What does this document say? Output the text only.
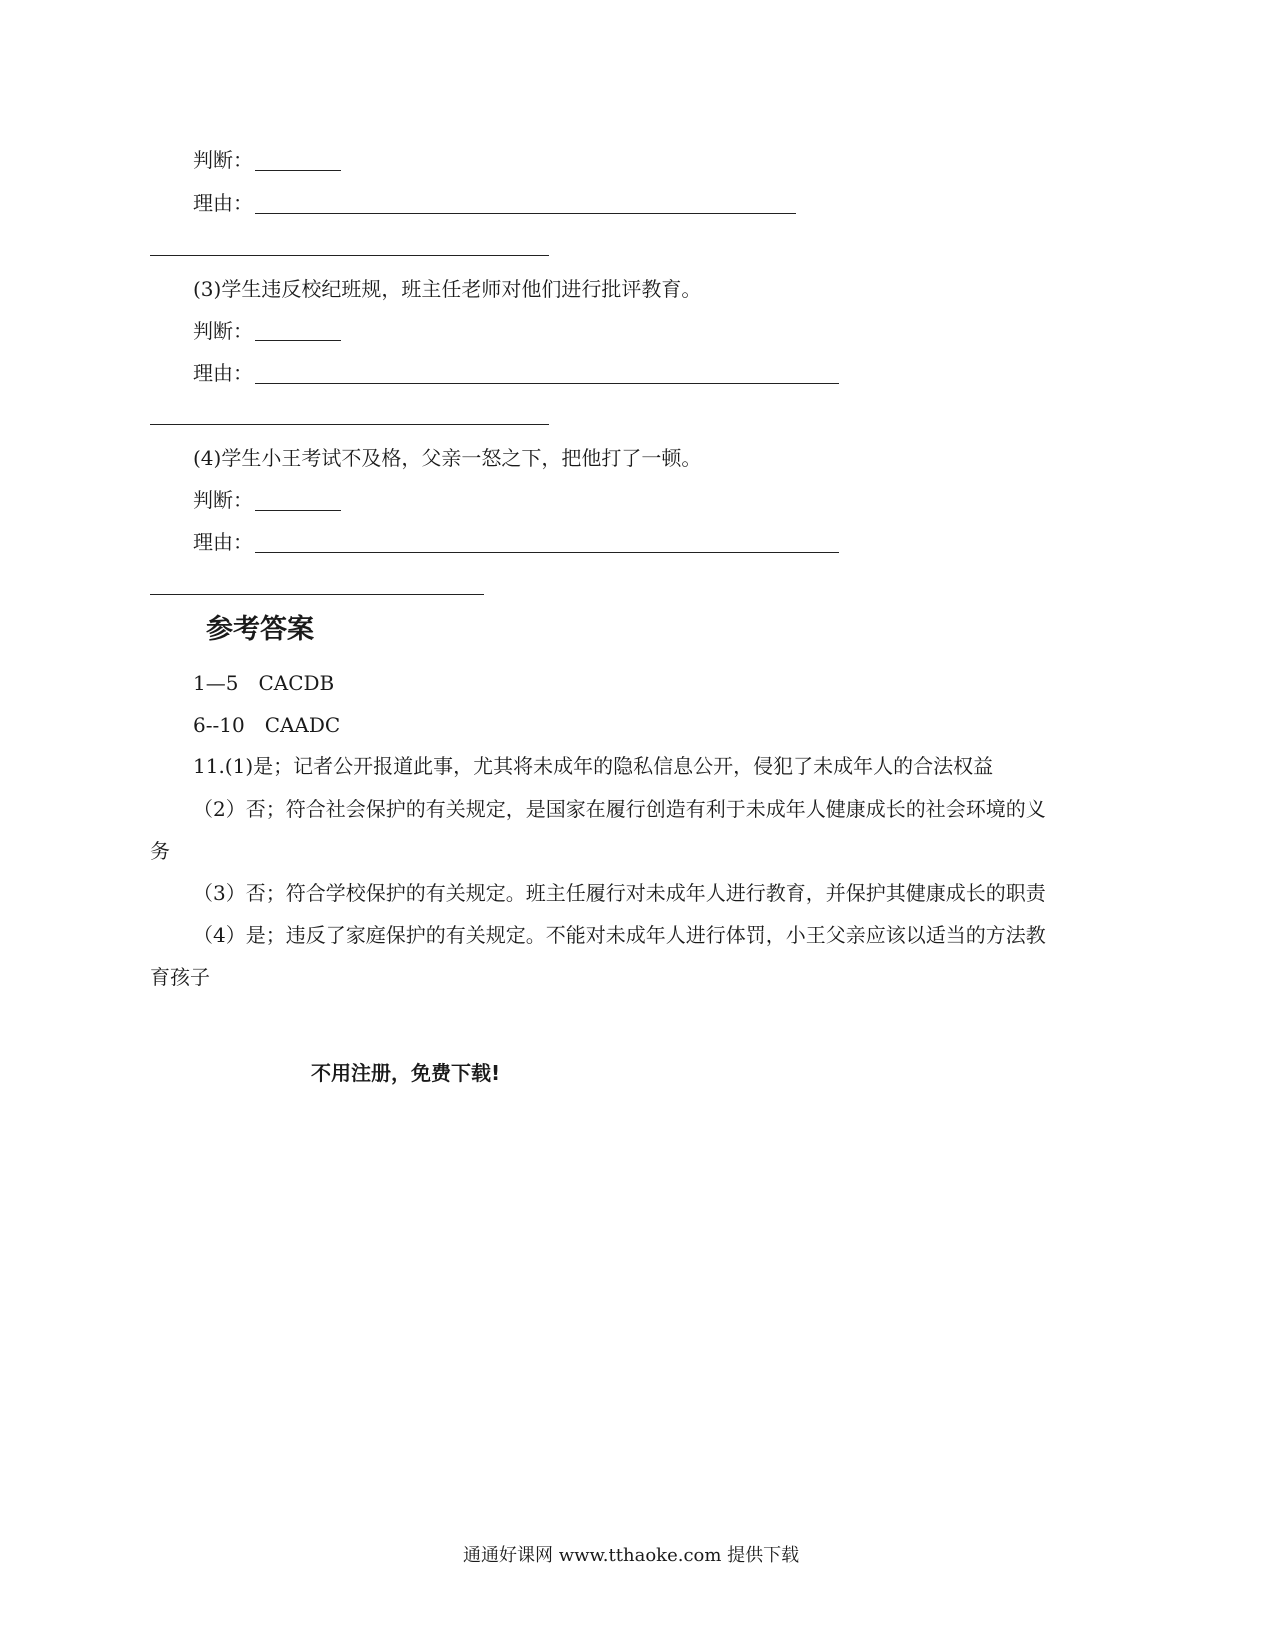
判断：
理由：
(3)学生违反校纪班规，班主任老师对他们进行批评教育。
判断：
理由：
(4)学生小王考试不及格，父亲一怒之下，把他打了一顿。
判断：
理由：
参考答案
1—5　CACDB
6--10　CAADC
11.(1)是；记者公开报道此事，尤其将未成年的隐私信息公开，侵犯了未成年人的合法权益
（2）否；符合社会保护的有关规定，是国家在履行创造有利于未成年人健康成长的社会环境的义
务
（3）否；符合学校保护的有关规定。班主任履行对未成年人进行教育，并保护其健康成长的职责
（4）是；违反了家庭保护的有关规定。不能对未成年人进行体罚，小王父亲应该以适当的方法教
育孩子
不用注册，免费下载!
通通好课网 www.tthaoke.com 提供下载
